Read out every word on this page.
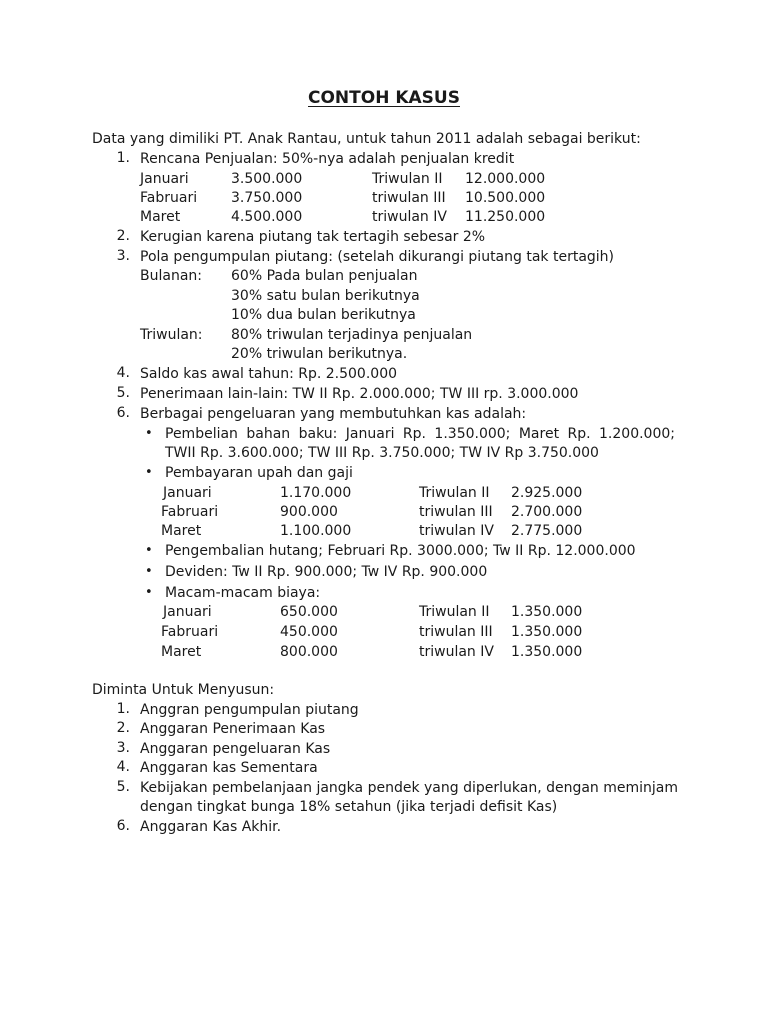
CONTOH KASUS
Data yang dimiliki PT. Anak Rantau, untuk tahun 2011 adalah sebagai berikut:
1. Rencana Penjualan: 50%-nya adalah penjualan kredit
Januari	3.500.000	Triwulan II 12.000.000
Fabruari 3.750.000	triwulan III 10.500.000
Maret	4.500.000	triwulan IV 11.250.000
2. Kerugian karena piutang tak tertagih sebesar 2%
3. Pola pengumpulan piutang: (setelah dikurangi piutang tak tertagih)
Bulanan: 60% Pada bulan penjualan
30% satu bulan berikutnya
10% dua bulan berikutnya
Triwulan: 80% triwulan terjadinya penjualan
20% triwulan berikutnya.
4. Saldo kas awal tahun: Rp. 2.500.000
5. Penerimaan lain-lain: TW II Rp. 2.000.000; TW III rp. 3.000.000
6. Berbagai pengeluaran yang membutuhkan kas adalah:
• Pembelian bahan baku: Januari Rp. 1.350.000; Maret Rp. 1.200.000;
TWII Rp. 3.600.000; TW III Rp. 3.750.000; TW IV Rp 3.750.000
• Pembayaran upah dan gaji
Januari	1.170.000	Triwulan II 2.925.000
Fabruari	900.000	triwulan III 2.700.000
Maret	1.100.000	triwulan IV 2.775.000
• Pengembalian hutang; Februari Rp. 3000.000; Tw II Rp. 12.000.000
• Deviden: Tw II Rp. 900.000; Tw IV Rp. 900.000
• Macam-macam biaya:
Januari	650.000	Triwulan II 1.350.000
Fabruari	450.000	triwulan III 1.350.000
Maret	800.000	triwulan IV 1.350.000
Diminta Untuk Menyusun:
1. Anggran pengumpulan piutang
2. Anggaran Penerimaan Kas
3. Anggaran pengeluaran Kas
4. Anggaran kas Sementara
5. Kebijakan pembelanjaan jangka pendek yang diperlukan, dengan meminjam
dengan tingkat bunga 18% setahun (jika terjadi defisit Kas)
6. Anggaran Kas Akhir.
